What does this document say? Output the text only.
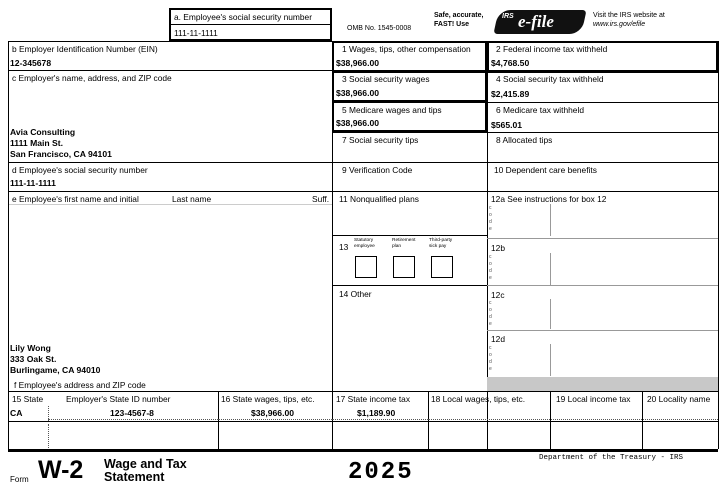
a. Employee's social security number
111-11-1111	OMB No. 1545-0008
Safe, accurate,
FAST! Use
IRS e-file	Visit the IRS website at
www.irs.gov/efile
b Employer Identification Number (EIN)
12-345678
c Employer's name, address, and ZIP code
Avia Consulting
1111 Main St.
San Francisco, CA 94101
d Employee's social security number
111-11-1111
e Employee's first name and initial	Last name	Suff.
Lily Wong
333 Oak St.
Burlingame, CA 94010
f Employee's address and ZIP code
1 Wages, tips, other compensation
$38,966.00
2 Federal income tax withheld
$4,768.50
3 Social security wages
$38,966.00
4 Social security tax withheld
$2,415.89
5 Medicare wages and tips
$38,966.00
6 Medicare tax withheld
$565.01
7 Social security tips	8 Allocated tips
9 Verification Code	10 Dependent care benefits
11 Nonqualified plans
13
Statutory
employee
Retirement
plan
Third-party
sick pay
14 Other
12a See instructions for box 12
12b
12c
12d
c
o
d
e
c
o
d
e
c
o
d
e
c
o
d
e
15 State	Employer's State ID number	16 State wages, tips, etc.	17 State income tax 18 Local wages, tips, etc.	19 Local income tax 20 Locality name
CA	123-4567-8	$38,966.00	$1,189.90
Form W-2 Wage and Tax
Statement	2025
Department of the Treasury - IRS
